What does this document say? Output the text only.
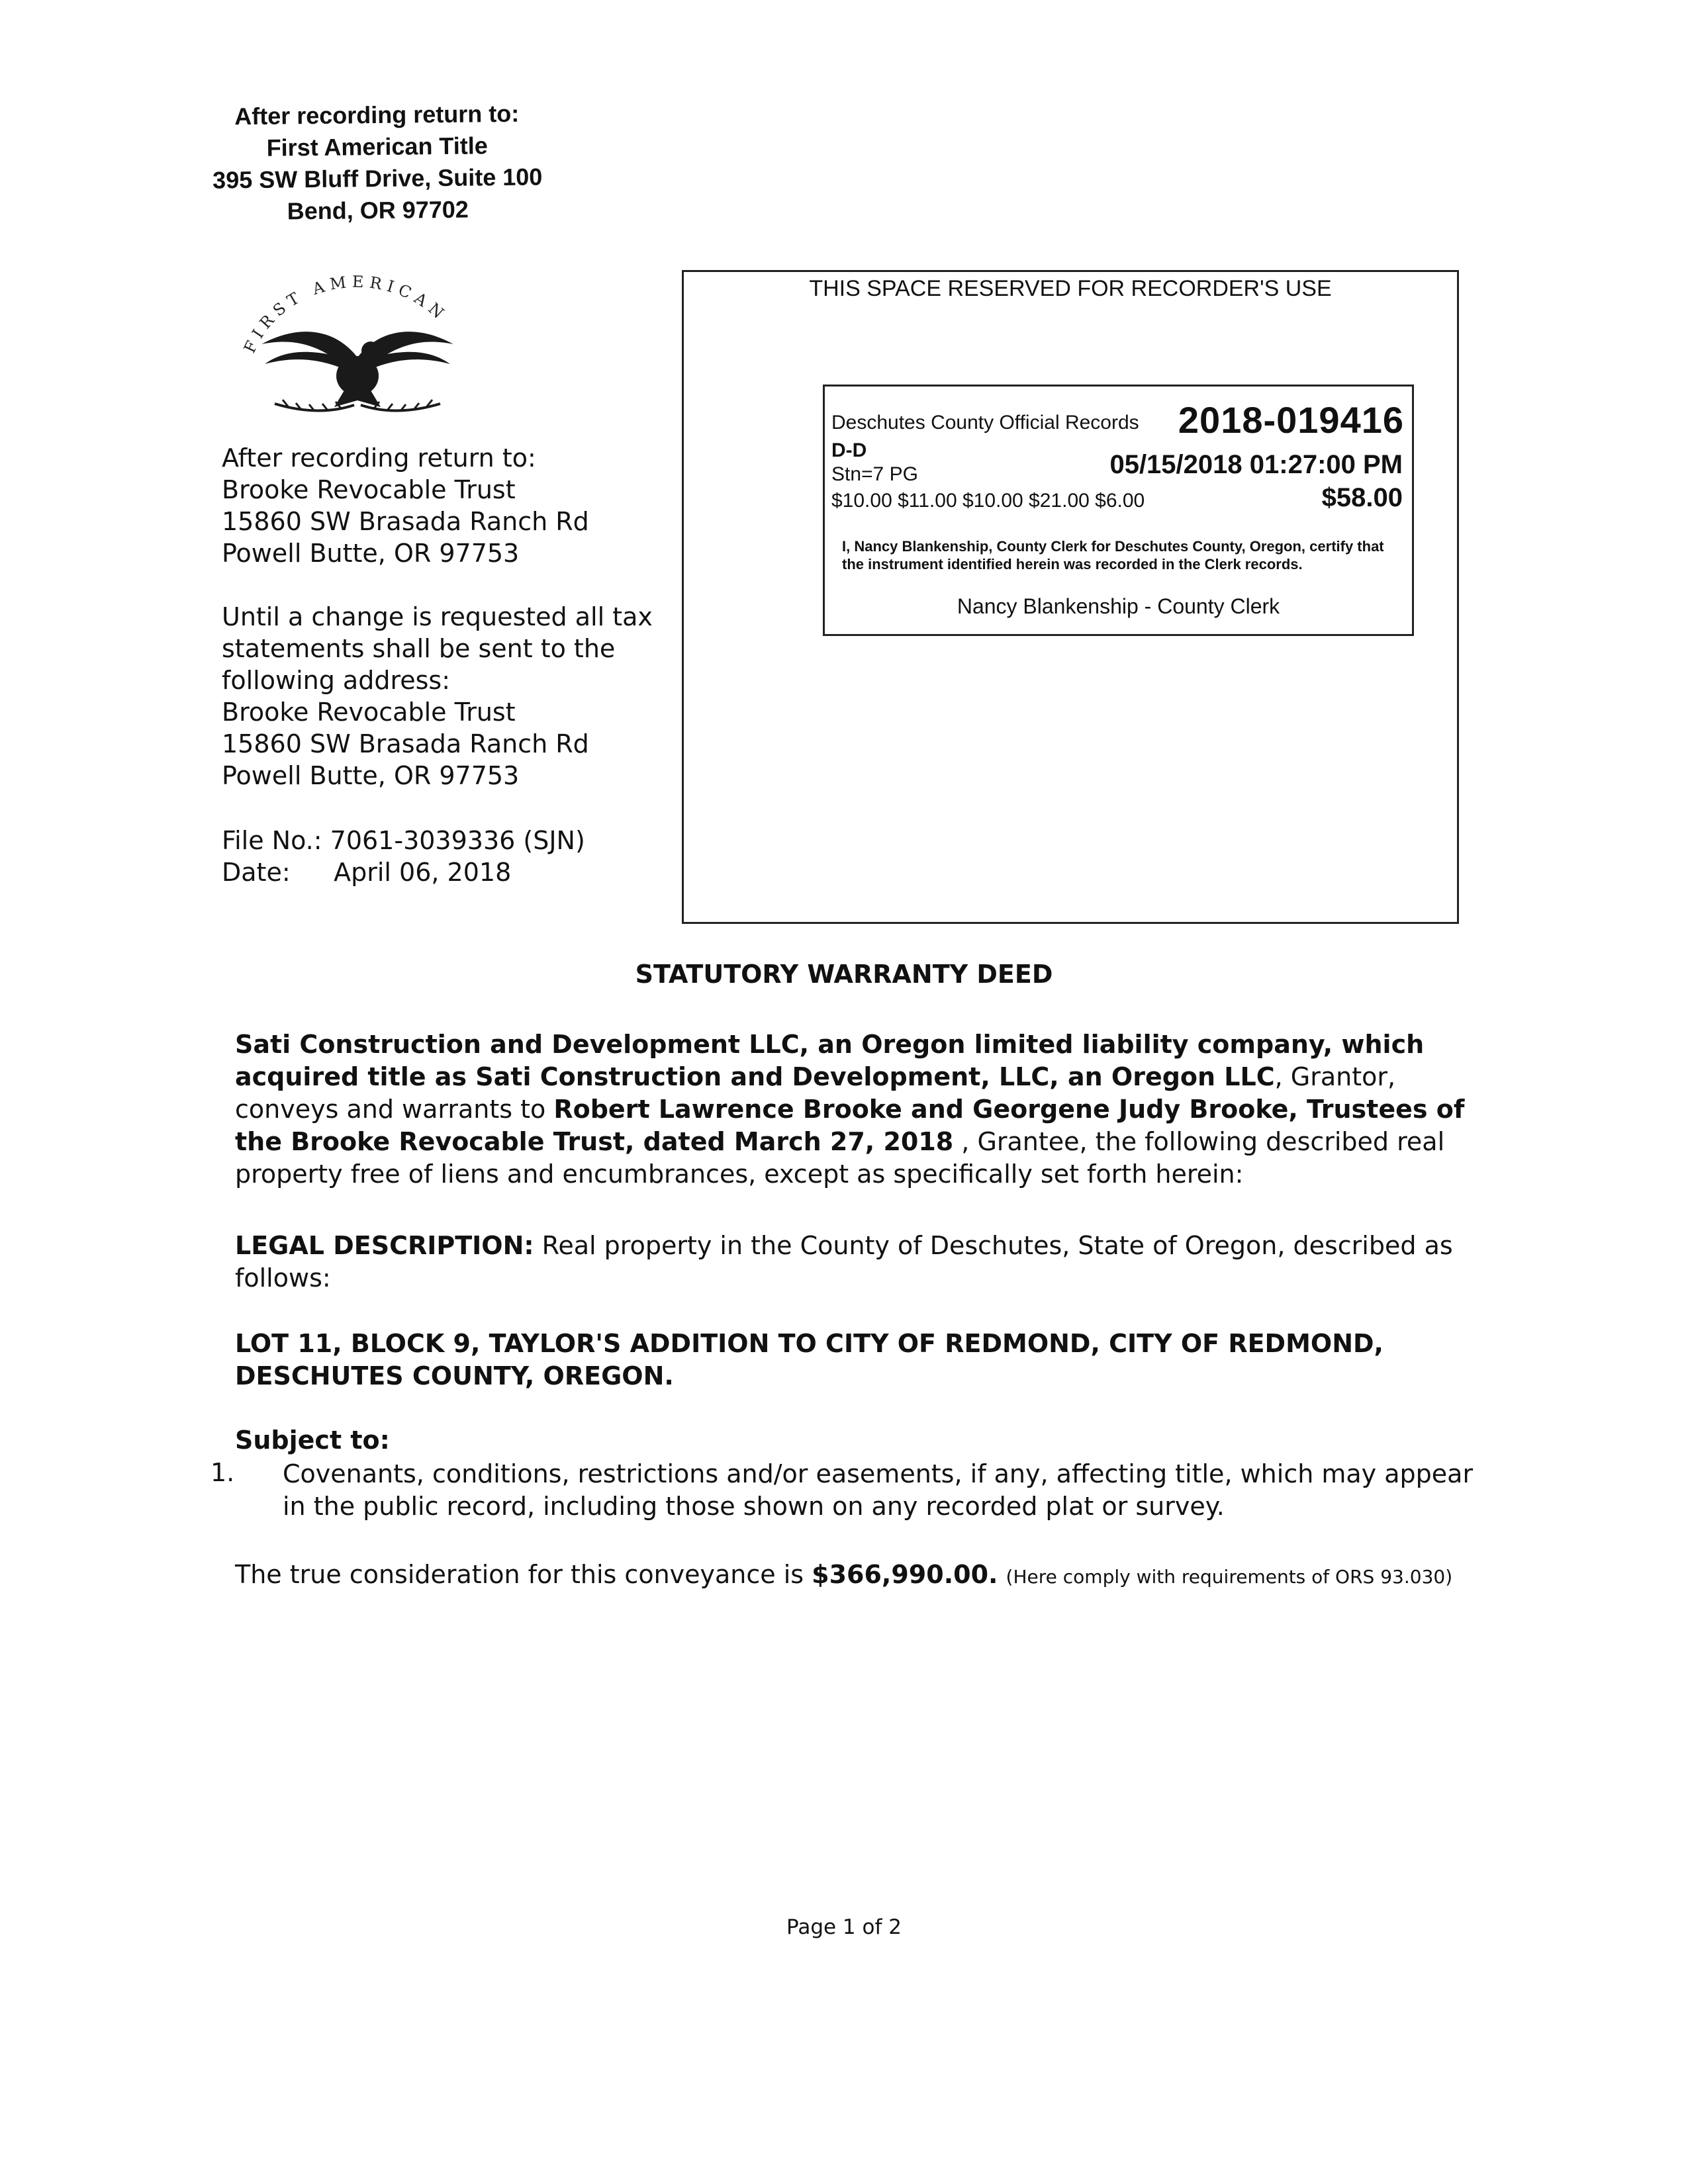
After recording return to:
First American Title
395 SW Bluff Drive, Suite 100
Bend, OR 97702
FIRST AMERICAN
After recording return to:
Brooke Revocable Trust
15860 SW Brasada Ranch Rd
Powell Butte, OR 97753
Until a change is requested all tax
statements shall be sent to the
following address:
Brooke Revocable Trust
15860 SW Brasada Ranch Rd
Powell Butte, OR 97753
File No.: 7061-3039336 (SJN)
Date: April 06, 2018
THIS SPACE RESERVED FOR RECORDER'S USE
Deschutes County Official Records 2018-019416
D-D
Stn=7 PG	05/15/2018 01:27:00 PM
$10.00 $11.00 $10.00 $21.00 $6.00	$58.00
I, Nancy Blankenship, County Clerk for Deschutes County, Oregon, certify that the instrument identified herein was recorded in the Clerk records.
Nancy Blankenship - County Clerk
STATUTORY WARRANTY DEED
Sati Construction and Development LLC, an Oregon limited liability company, which acquired title as Sati Construction and Development, LLC, an Oregon LLC, Grantor, conveys and warrants to Robert Lawrence Brooke and Georgene Judy Brooke, Trustees of the Brooke Revocable Trust, dated March 27, 2018 , Grantee, the following described real property free of liens and encumbrances, except as specifically set forth herein:
LEGAL DESCRIPTION: Real property in the County of Deschutes, State of Oregon, described as follows:
LOT 11, BLOCK 9, TAYLOR'S ADDITION TO CITY OF REDMOND, CITY OF REDMOND, DESCHUTES COUNTY, OREGON.
Subject to:
1. Covenants, conditions, restrictions and/or easements, if any, affecting title, which may appear in the public record, including those shown on any recorded plat or survey.
The true consideration for this conveyance is $366,990.00. (Here comply with requirements of ORS 93.030)
Page 1 of 2
